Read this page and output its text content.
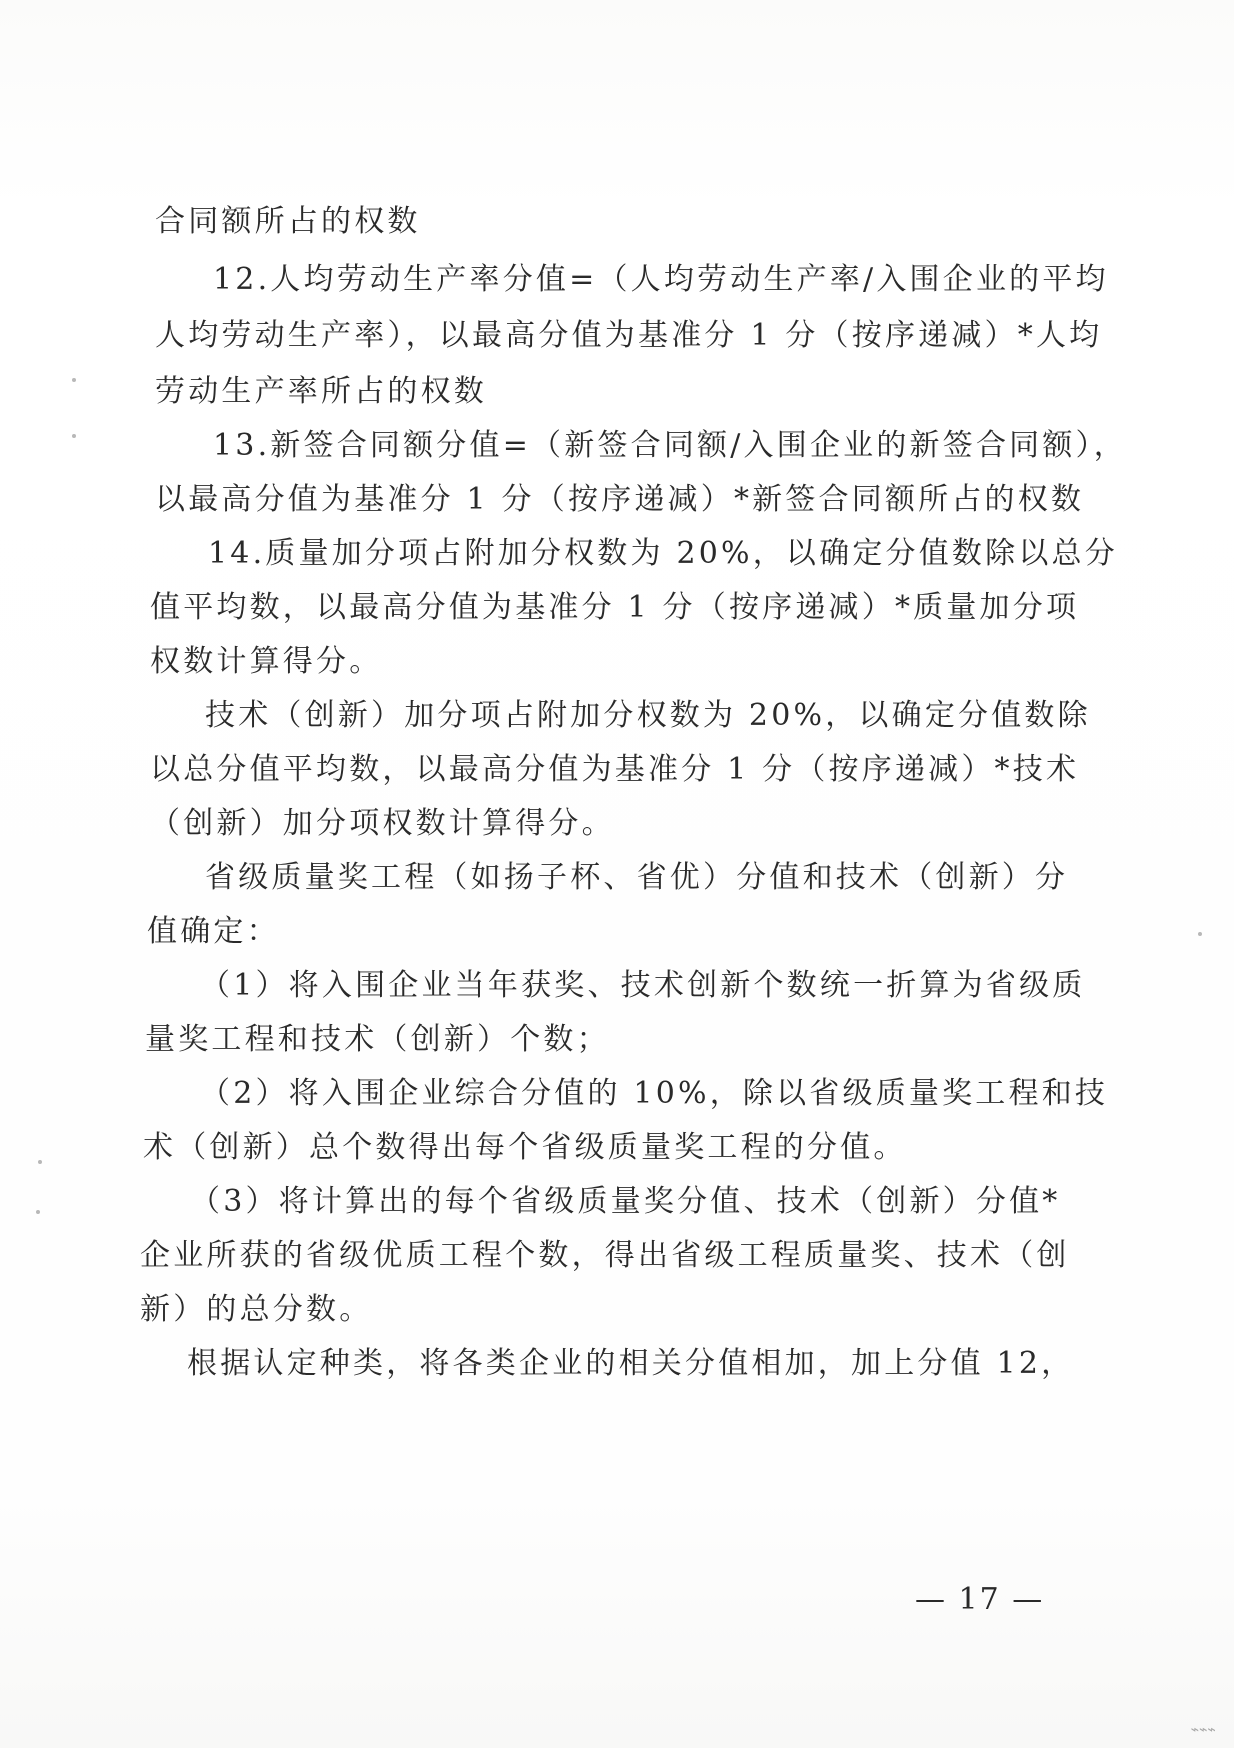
合同额所占的权数
12.人均劳动生产率分值=（人均劳动生产率/入围企业的平均
人均劳动生产率），以最高分值为基准分 1 分（按序递减）*人均
劳动生产率所占的权数
13.新签合同额分值=（新签合同额/入围企业的新签合同额），
以最高分值为基准分 1 分（按序递减）*新签合同额所占的权数
14.质量加分项占附加分权数为 20%，以确定分值数除以总分
值平均数，以最高分值为基准分 1 分（按序递减）*质量加分项
权数计算得分。
技术（创新）加分项占附加分权数为 20%，以确定分值数除
以总分值平均数，以最高分值为基准分 1 分（按序递减）*技术
（创新）加分项权数计算得分。
省级质量奖工程（如扬子杯、省优）分值和技术（创新）分
值确定：
（1）将入围企业当年获奖、技术创新个数统一折算为省级质
量奖工程和技术（创新）个数；
（2）将入围企业综合分值的 10%，除以省级质量奖工程和技
术（创新）总个数得出每个省级质量奖工程的分值。
（3）将计算出的每个省级质量奖分值、技术（创新）分值*
企业所获的省级优质工程个数，得出省级工程质量奖、技术（创
新）的总分数。
根据认定种类，将各类企业的相关分值相加，加上分值 12，
— 17 —
⌁⌁⌁
